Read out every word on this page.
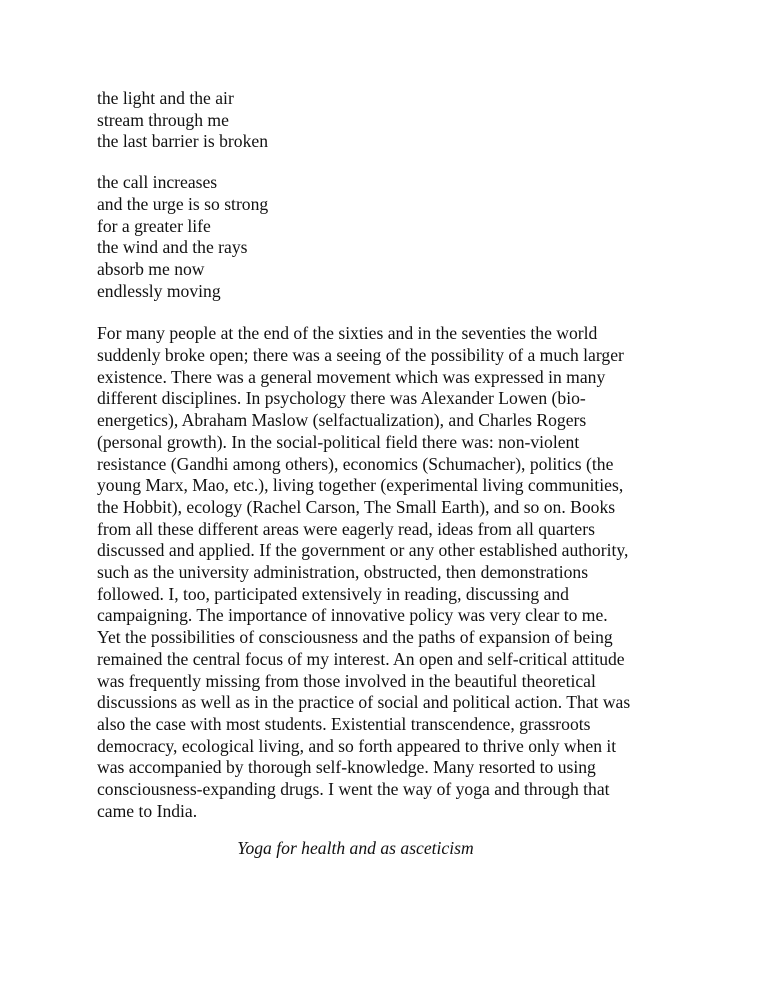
the light and the air
stream through me
the last barrier is broken
the call increases
and the urge is so strong
for a greater life
the wind and the rays
absorb me now
endlessly moving

For many people at the end of the sixties and in the seventies the world
suddenly broke open; there was a seeing of the possibility of a much larger
existence. There was a general movement which was expressed in many
different disciplines. In psychology there was Alexander Lowen (bio-
energetics), Abraham Maslow (selfactualization), and Charles Rogers
(personal growth). In the social-political field there was: non-violent
resistance (Gandhi among others), economics (Schumacher), politics (the
young Marx, Mao, etc.), living together (experimental living communities,
the Hobbit), ecology (Rachel Carson, The Small Earth), and so on. Books
from all these different areas were eagerly read, ideas from all quarters
discussed and applied. If the government or any other established authority,
such as the university administration, obstructed, then demonstrations
followed. I, too, participated extensively in reading, discussing and
campaigning. The importance of innovative policy was very clear to me.
Yet the possibilities of consciousness and the paths of expansion of being
remained the central focus of my interest. An open and self-critical attitude
was frequently missing from those involved in the beautiful theoretical
discussions as well as in the practice of social and political action. That was
also the case with most students. Existential transcendence, grassroots
democracy, ecological living, and so forth appeared to thrive only when it
was accompanied by thorough self-knowledge. Many resorted to using
consciousness-expanding drugs. I went the way of yoga and through that
came to India.

Yoga for health and as asceticism
